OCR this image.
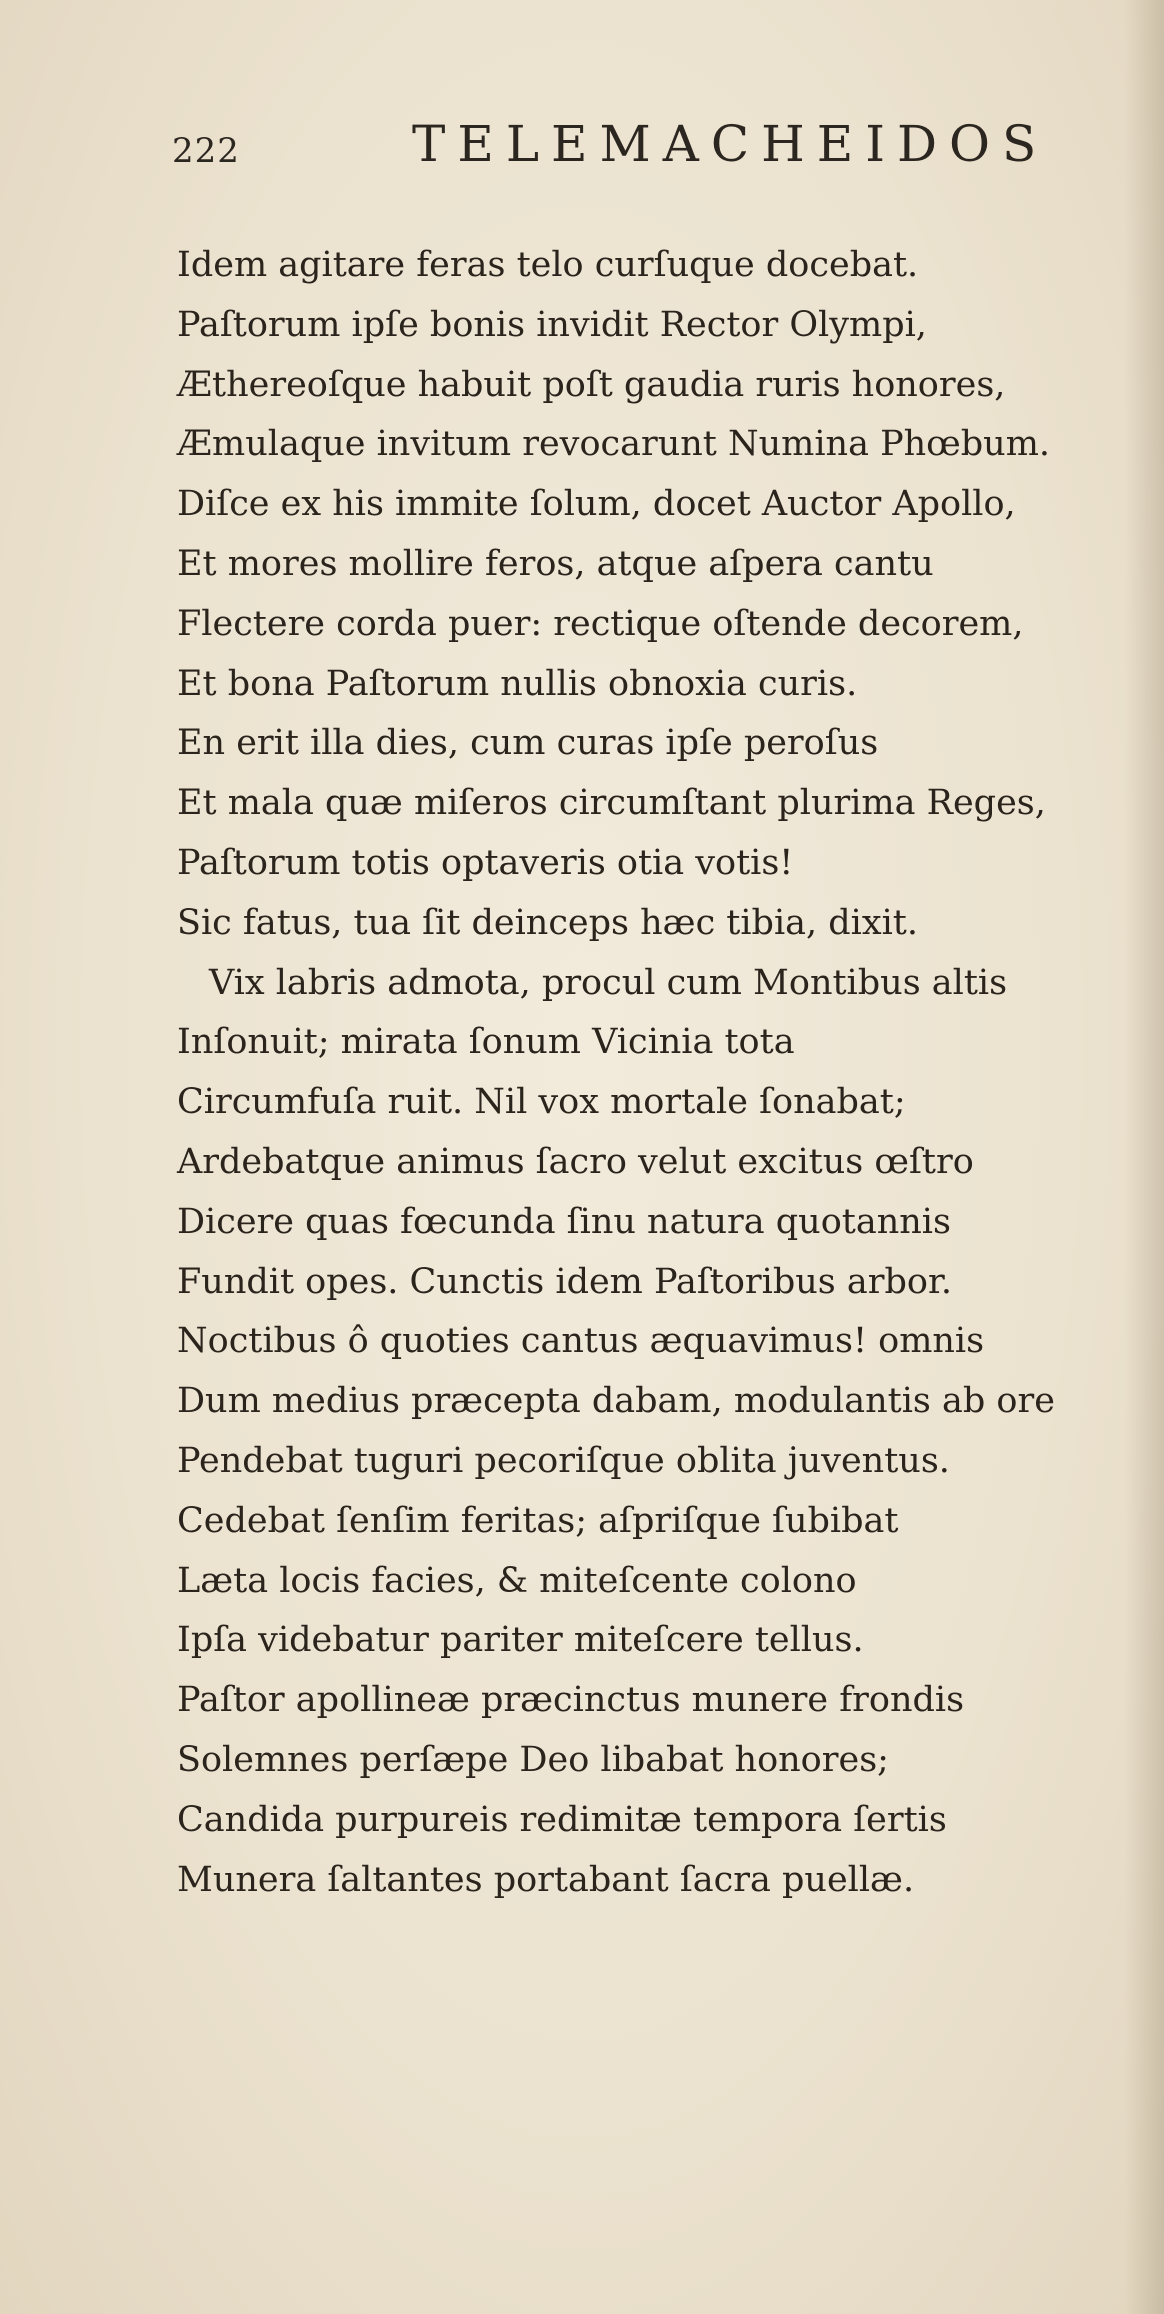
222	TELEMACHEIDOS
Idem agitare feras telo curſuque docebat.
Paſtorum ipſe bonis invidit Rector Olympi,
Æthereoſque habuit poſt gaudia ruris honores,
Æmulaque invitum revocarunt Numina Phœbum.
Diſce ex his immite ſolum, docet Auctor Apollo,
Et mores mollire feros, atque aſpera cantu
Flectere corda puer: rectique oſtende decorem,
Et bona Paſtorum nullis obnoxia curis.
En erit illa dies, cum curas ipſe peroſus
Et mala quæ miſeros circumſtant plurima Reges,
Paſtorum totis optaveris otia votis!
Sic fatus, tua ſit deinceps hæc tibia, dixit.
Vix labris admota, procul cum Montibus altis
Inſonuit; mirata ſonum Vicinia tota
Circumfuſa ruit. Nil vox mortale ſonabat;
Ardebatque animus ſacro velut excitus œſtro
Dicere quas fœcunda ſinu natura quotannis
Fundit opes. Cunctis idem Paſtoribus arbor.
Noctibus ô quoties cantus æquavimus! omnis
Dum medius præcepta dabam, modulantis ab ore
Pendebat tuguri pecoriſque oblita juventus.
Cedebat ſenſim feritas; aſpriſque ſubibat
Læta locis facies, & miteſcente colono
Ipſa videbatur pariter miteſcere tellus.
Paſtor apollineæ præcinctus munere frondis
Solemnes perſæpe Deo libabat honores;
Candida purpureis redimitæ tempora ſertis
Munera ſaltantes portabant ſacra puellæ.
